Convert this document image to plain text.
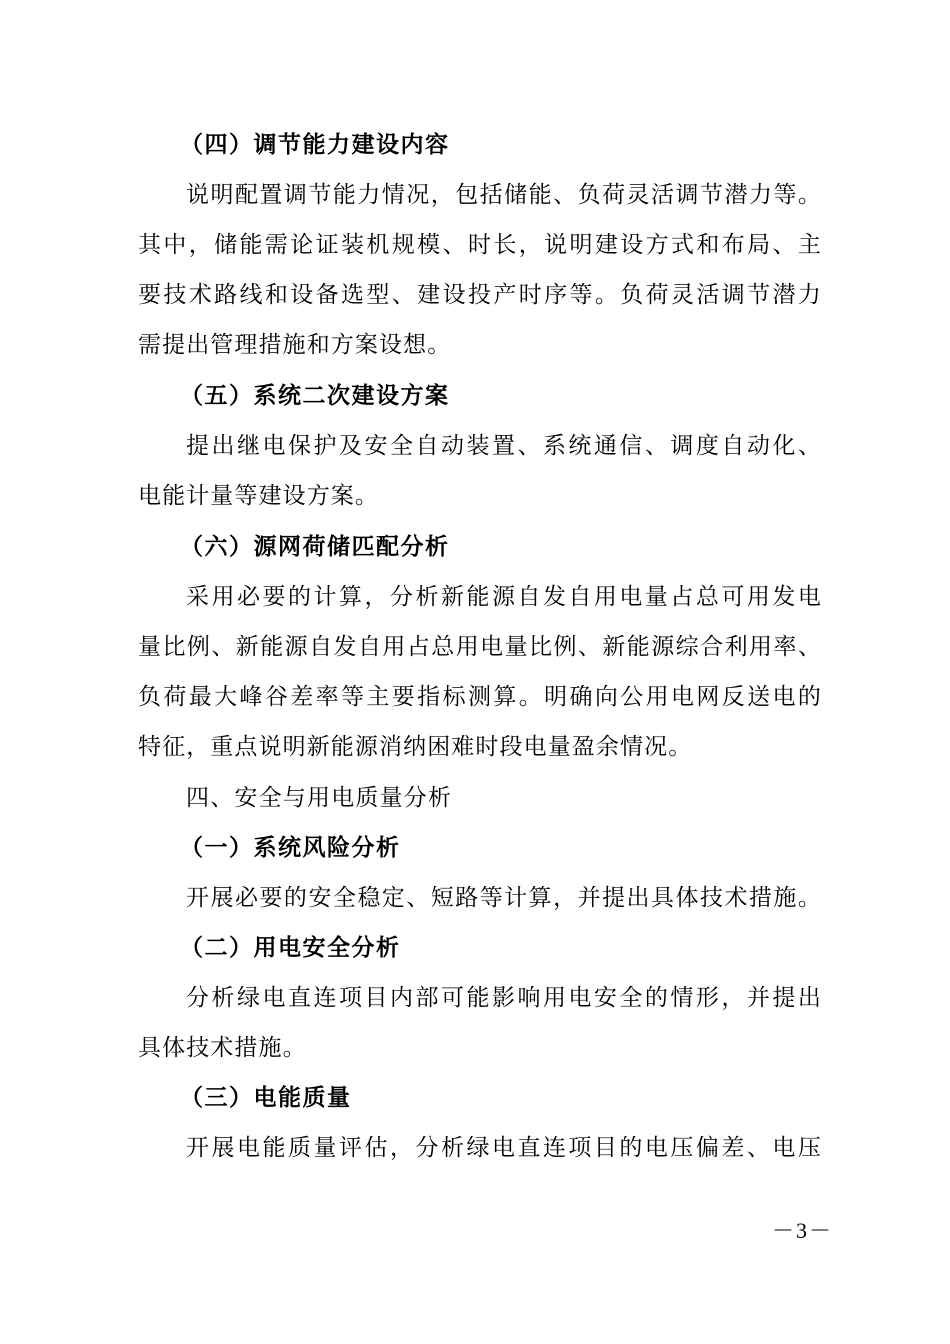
（四）调节能力建设内容
说明配置调节能力情况，包括储能、负荷灵活调节潜力等。
其中，储能需论证装机规模、时长，说明建设方式和布局、主
要技术路线和设备选型、建设投产时序等。负荷灵活调节潜力
需提出管理措施和方案设想。
（五）系统二次建设方案
提出继电保护及安全自动装置、系统通信、调度自动化、
电能计量等建设方案。
（六）源网荷储匹配分析
采用必要的计算，分析新能源自发自用电量占总可用发电
量比例、新能源自发自用占总用电量比例、新能源综合利用率、
负荷最大峰谷差率等主要指标测算。明确向公用电网反送电的
特征，重点说明新能源消纳困难时段电量盈余情况。
四、安全与用电质量分析
（一）系统风险分析
开展必要的安全稳定、短路等计算，并提出具体技术措施。
（二）用电安全分析
分析绿电直连项目内部可能影响用电安全的情形，并提出
具体技术措施。
（三）电能质量
开展电能质量评估，分析绿电直连项目的电压偏差、电压
－3－
